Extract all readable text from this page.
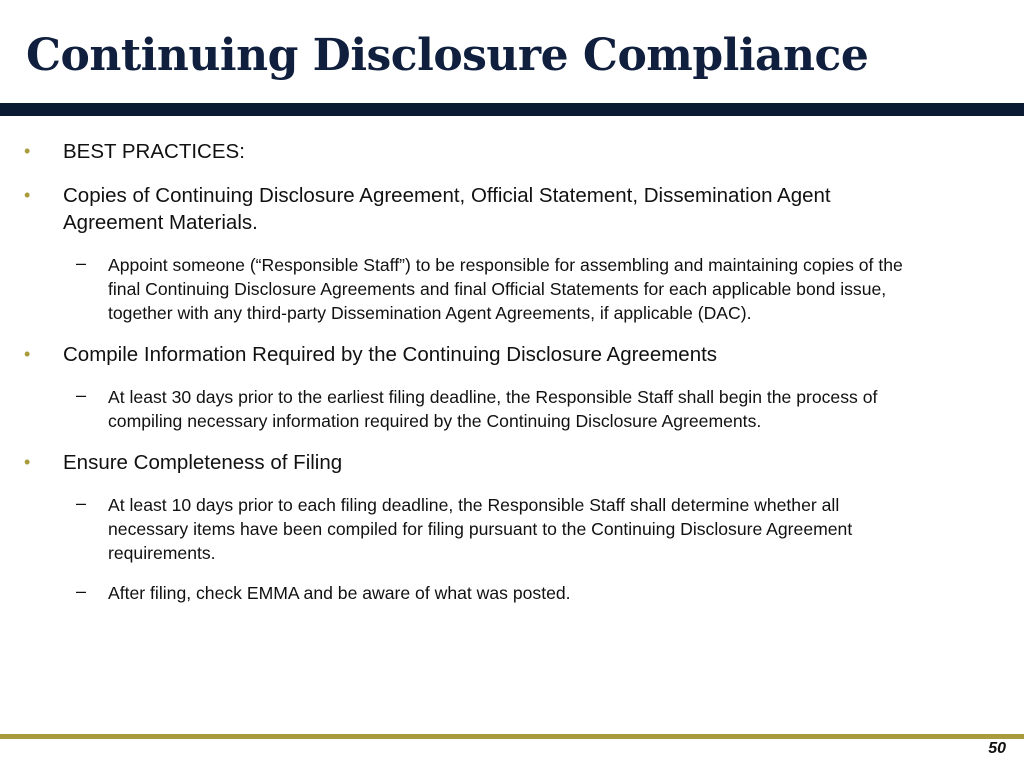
Continuing Disclosure Compliance
• BEST PRACTICES:
• Copies of Continuing Disclosure Agreement, Official Statement, Dissemination Agent Agreement Materials.
– Appoint someone (“Responsible Staff”) to be responsible for assembling and maintaining copies of the final Continuing Disclosure Agreements and final Official Statements for each applicable bond issue, together with any third-party Dissemination Agent Agreements, if applicable (DAC).
• Compile Information Required by the Continuing Disclosure Agreements
– At least 30 days prior to the earliest filing deadline, the Responsible Staff shall begin the process of compiling necessary information required by the Continuing Disclosure Agreements.
• Ensure Completeness of Filing
– At least 10 days prior to each filing deadline, the Responsible Staff shall determine whether all necessary items have been compiled for filing pursuant to the Continuing Disclosure Agreement requirements.
– After filing, check EMMA and be aware of what was posted.
50
